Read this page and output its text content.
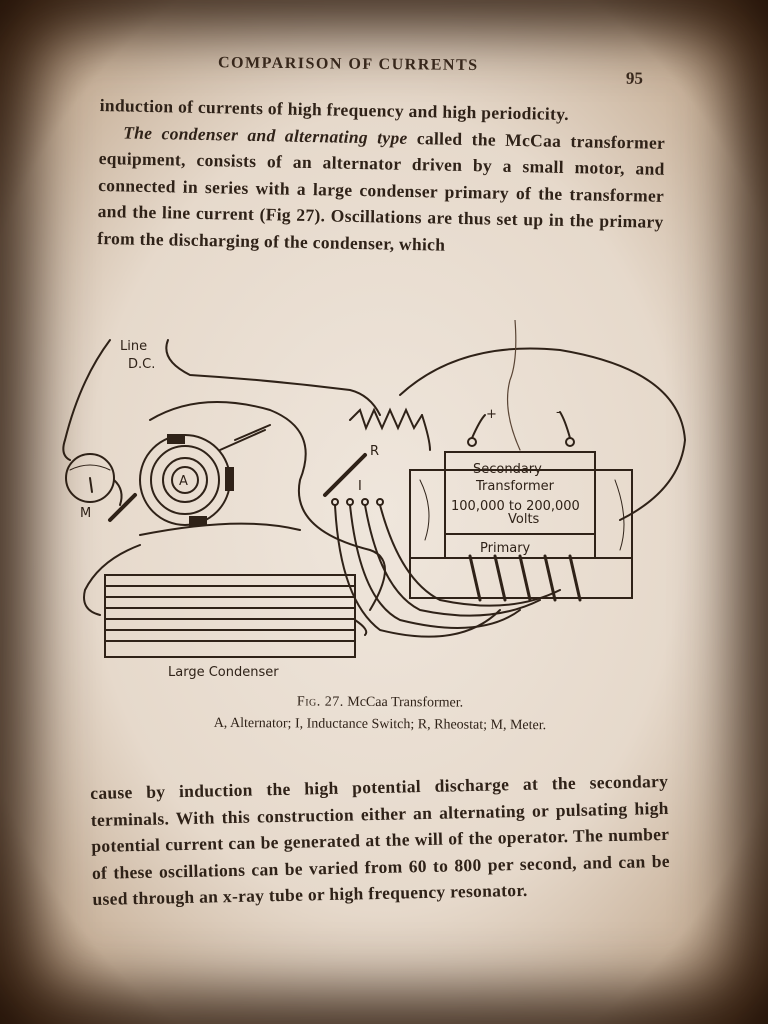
COMPARISON OF CURRENTS
95

induction of currents of high frequency and high periodicity.

The condenser and alternating type called the McCaa transformer equipment, consists of an alternator driven by a small motor, and connected in series with a large condenser primary of the transformer and the line current (Fig 27). Oscillations are thus set up in the primary from the discharging of the condenser, which

Line
D.C.
M
A
R
I
+	-
Secondary
Transformer
100,000 to 200,000
Volts
Primary
Large Condenser
Fig. 27. McCaa Transformer.
A, Alternator; I, Inductance Switch; R, Rheostat; M, Meter.

cause by induction the high potential discharge at the secondary terminals. With this construction either an alternating or pulsating high potential current can be generated at the will of the operator. The number of these oscillations can be varied from 60 to 800 per second, and can be used through an x-ray tube or high frequency resonator.
